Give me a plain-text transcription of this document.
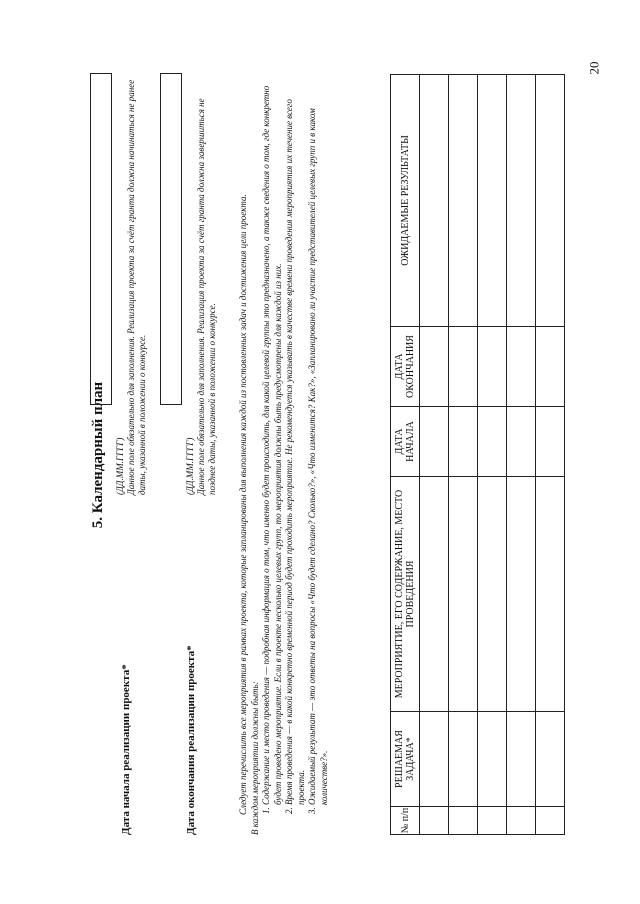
20
5. Календарный план
Дата начала реализации проекта*
(ДД.ММ.ГГГГ) Данное поле обязательно для заполнения. Реализация проекта за счёт гранта должна начинаться не ранее даты, указанной в положении о конкурсе.
Дата окончания реализации проекта*
(ДД.ММ.ГГГГ) Данное поле обязательно для заполнения. Реализация проекта за счёт гранта должна завершиться не позднее даты, указанной в положении о конкурсе. Следует перечислить все мероприятия в рамках проекта, которые запланированы для выполнения каждой из поставленных задач и достижения цели проекта. В каждом мероприятии должны быть: 1. Содержание и место проведения — подробная информация о том, что именно будет происходить, для какой целевой группы это предназначено, а также сведения о том, где конкретно будет проведено мероприятие. Если в проекте несколько целевых групп, то мероприятия должны быть предусмотрены для каждой из них. 2. Время проведения — в какой конкретно временной период будет проходить мероприятие. Не рекомендуется указывать в качестве времени проведения мероприятия их течение всего проекта. 3. Ожидаемый результат — это ответы на вопросы «Что будет сделано? Сколько?», «Что изменится? Как?», «Запланировано ли участие представителей целевых групп и в каком количестве?».
№ п/п	РЕШАЕМАЯ ЗАДАЧА*	МЕРОПРИЯТИЕ, ЕГО СОДЕРЖАНИЕ, МЕСТО ПРОВЕДЕНИЯ	ДАТА НАЧАЛА	ДАТА ОКОНЧАНИЯ	ОЖИДАЕМЫЕ РЕЗУЛЬТАТЫ
